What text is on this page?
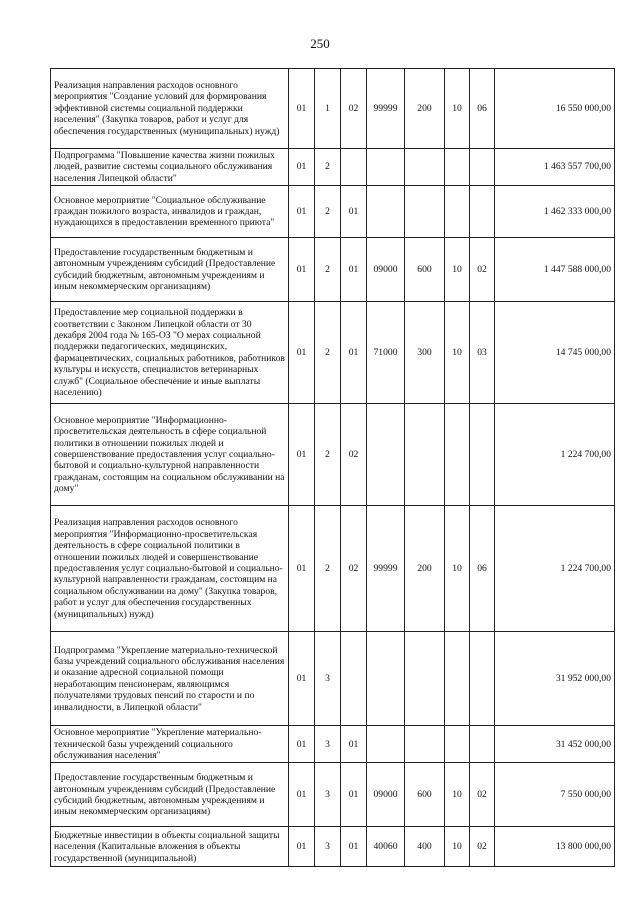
250
Реализация направления расходов основного мероприятия "Создание условий для формирования эффективной системы социальной поддержки населения" (Закупка товаров, работ и услуг для обеспечения государственных (муниципальных) нужд)	01	1	02	99999	200	10	06	16 550 000,00
Подпрограмма "Повышение качества жизни пожилых людей, развитие системы социального обслуживания населения Липецкой области"	01	2						1 463 557 700,00
Основное мероприятие "Социальное обслуживание граждан пожилого возраста, инвалидов и граждан, нуждающихся в предоставлении временного приюта"	01	2	01					1 462 333 000,00
Предоставление государственным бюджетным и автономным учреждениям субсидий (Предоставление субсидий бюджетным, автономным учреждениям и иным некоммерческим организациям)	01	2	01	09000	600	10	02	1 447 588 000,00
Предоставление мер социальной поддержки в соответствии с Законом Липецкой области от 30 декабря 2004 года № 165-ОЗ "О мерах социальной поддержки педагогических, медицинских, фармацевтических, социальных работников, работников культуры и искусств, специалистов ветеринарных служб" (Социальное обеспечение и иные выплаты населению)	01	2	01	71000	300	10	03	14 745 000,00
Основное мероприятие "Информационно-просветительская деятельность в сфере социальной политики в отношении пожилых людей и совершенствование предоставления услуг социально-бытовой и социально-культурной направленности гражданам, состоящим на социальном обслуживании на дому"	01	2	02					1 224 700,00
Реализация направления расходов основного мероприятия "Информационно-просветительская деятельность в сфере социальной политики в отношении пожилых людей и совершенствование предоставления услуг социально-бытовой и социально-культурной направленности гражданам, состоящим на социальном обслуживании на дому" (Закупка товаров, работ и услуг для обеспечения государственных (муниципальных) нужд)	01	2	02	99999	200	10	06	1 224 700,00
Подпрограмма "Укрепление материально-технической базы учреждений социального обслуживания населения и оказание адресной социальной помощи неработающим пенсионерам, являющимся получателями трудовых пенсий по старости и по инвалидности, в Липецкой области"	01	3						31 952 000,00
Основное мероприятие "Укрепление материально-технической базы учреждений социального обслуживания населения"	01	3	01					31 452 000,00
Предоставление государственным бюджетным и автономным учреждениям субсидий (Предоставление субсидий бюджетным, автономным учреждениям и иным некоммерческим организациям)	01	3	01	09000	600	10	02	7 550 000,00
Бюджетные инвестиции в объекты социальной защиты населения (Капитальные вложения в объекты государственной (муниципальной)	01	3	01	40060	400	10	02	13 800 000,00
